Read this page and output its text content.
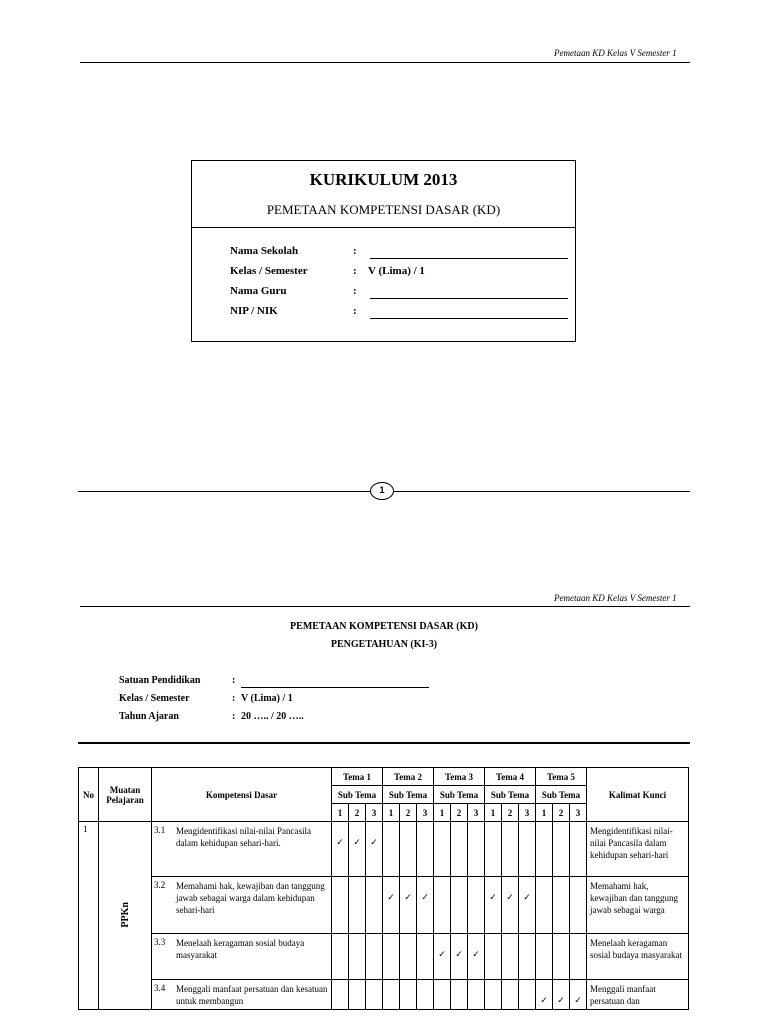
Pemetaan KD Kelas V Semester 1
KURIKULUM 2013
PEMETAAN KOMPETENSI DASAR (KD)
Nama Sekolah	:
Kelas / Semester	: V (Lima) / 1
Nama Guru	:
NIP / NIK	:
1
Pemetaan KD Kelas V Semester 1
PEMETAAN KOMPETENSI DASAR (KD)
PENGETAHUAN (KI-3)
Satuan Pendidikan	:
Kelas / Semester	: V (Lima) / 1
Tahun Ajaran	: 20 ….. / 20 …..
No	Muatan Pelajaran	Kompetensi Dasar	Tema 1			Tema 2			Tema 3			Tema 4			Tema 5			Kalimat Kunci
			Sub Tema			Sub Tema			Sub Tema			Sub Tema			Sub Tema			
			1	2	3	1	2	3	1	2	3	1	2	3	1	2	3	
1	PPKn	3.1 Mengidentifikasi nilai-nilai Pancasila dalam kehidupan sehari-hari.	✓	✓	✓													Mengidentifikasi nilai-nilai Pancasila dalam kehidupan sehari-hari
		3.2 Memahami hak, kewajiban dan tanggung jawab sebagai warga dalam kehidupan sehari-hari				✓	✓	✓				✓	✓	✓				Memahami hak, kewajiban dan tanggung jawab sebagai warga
		3.3 Menelaah keragaman sosial budaya masyarakat							✓	✓	✓							Menelaah keragaman sosial budaya masyarakat
		3.4 Menggali manfaat persatuan dan kesatuan untuk membangun													✓	✓	✓	Menggali manfaat persatuan dan
